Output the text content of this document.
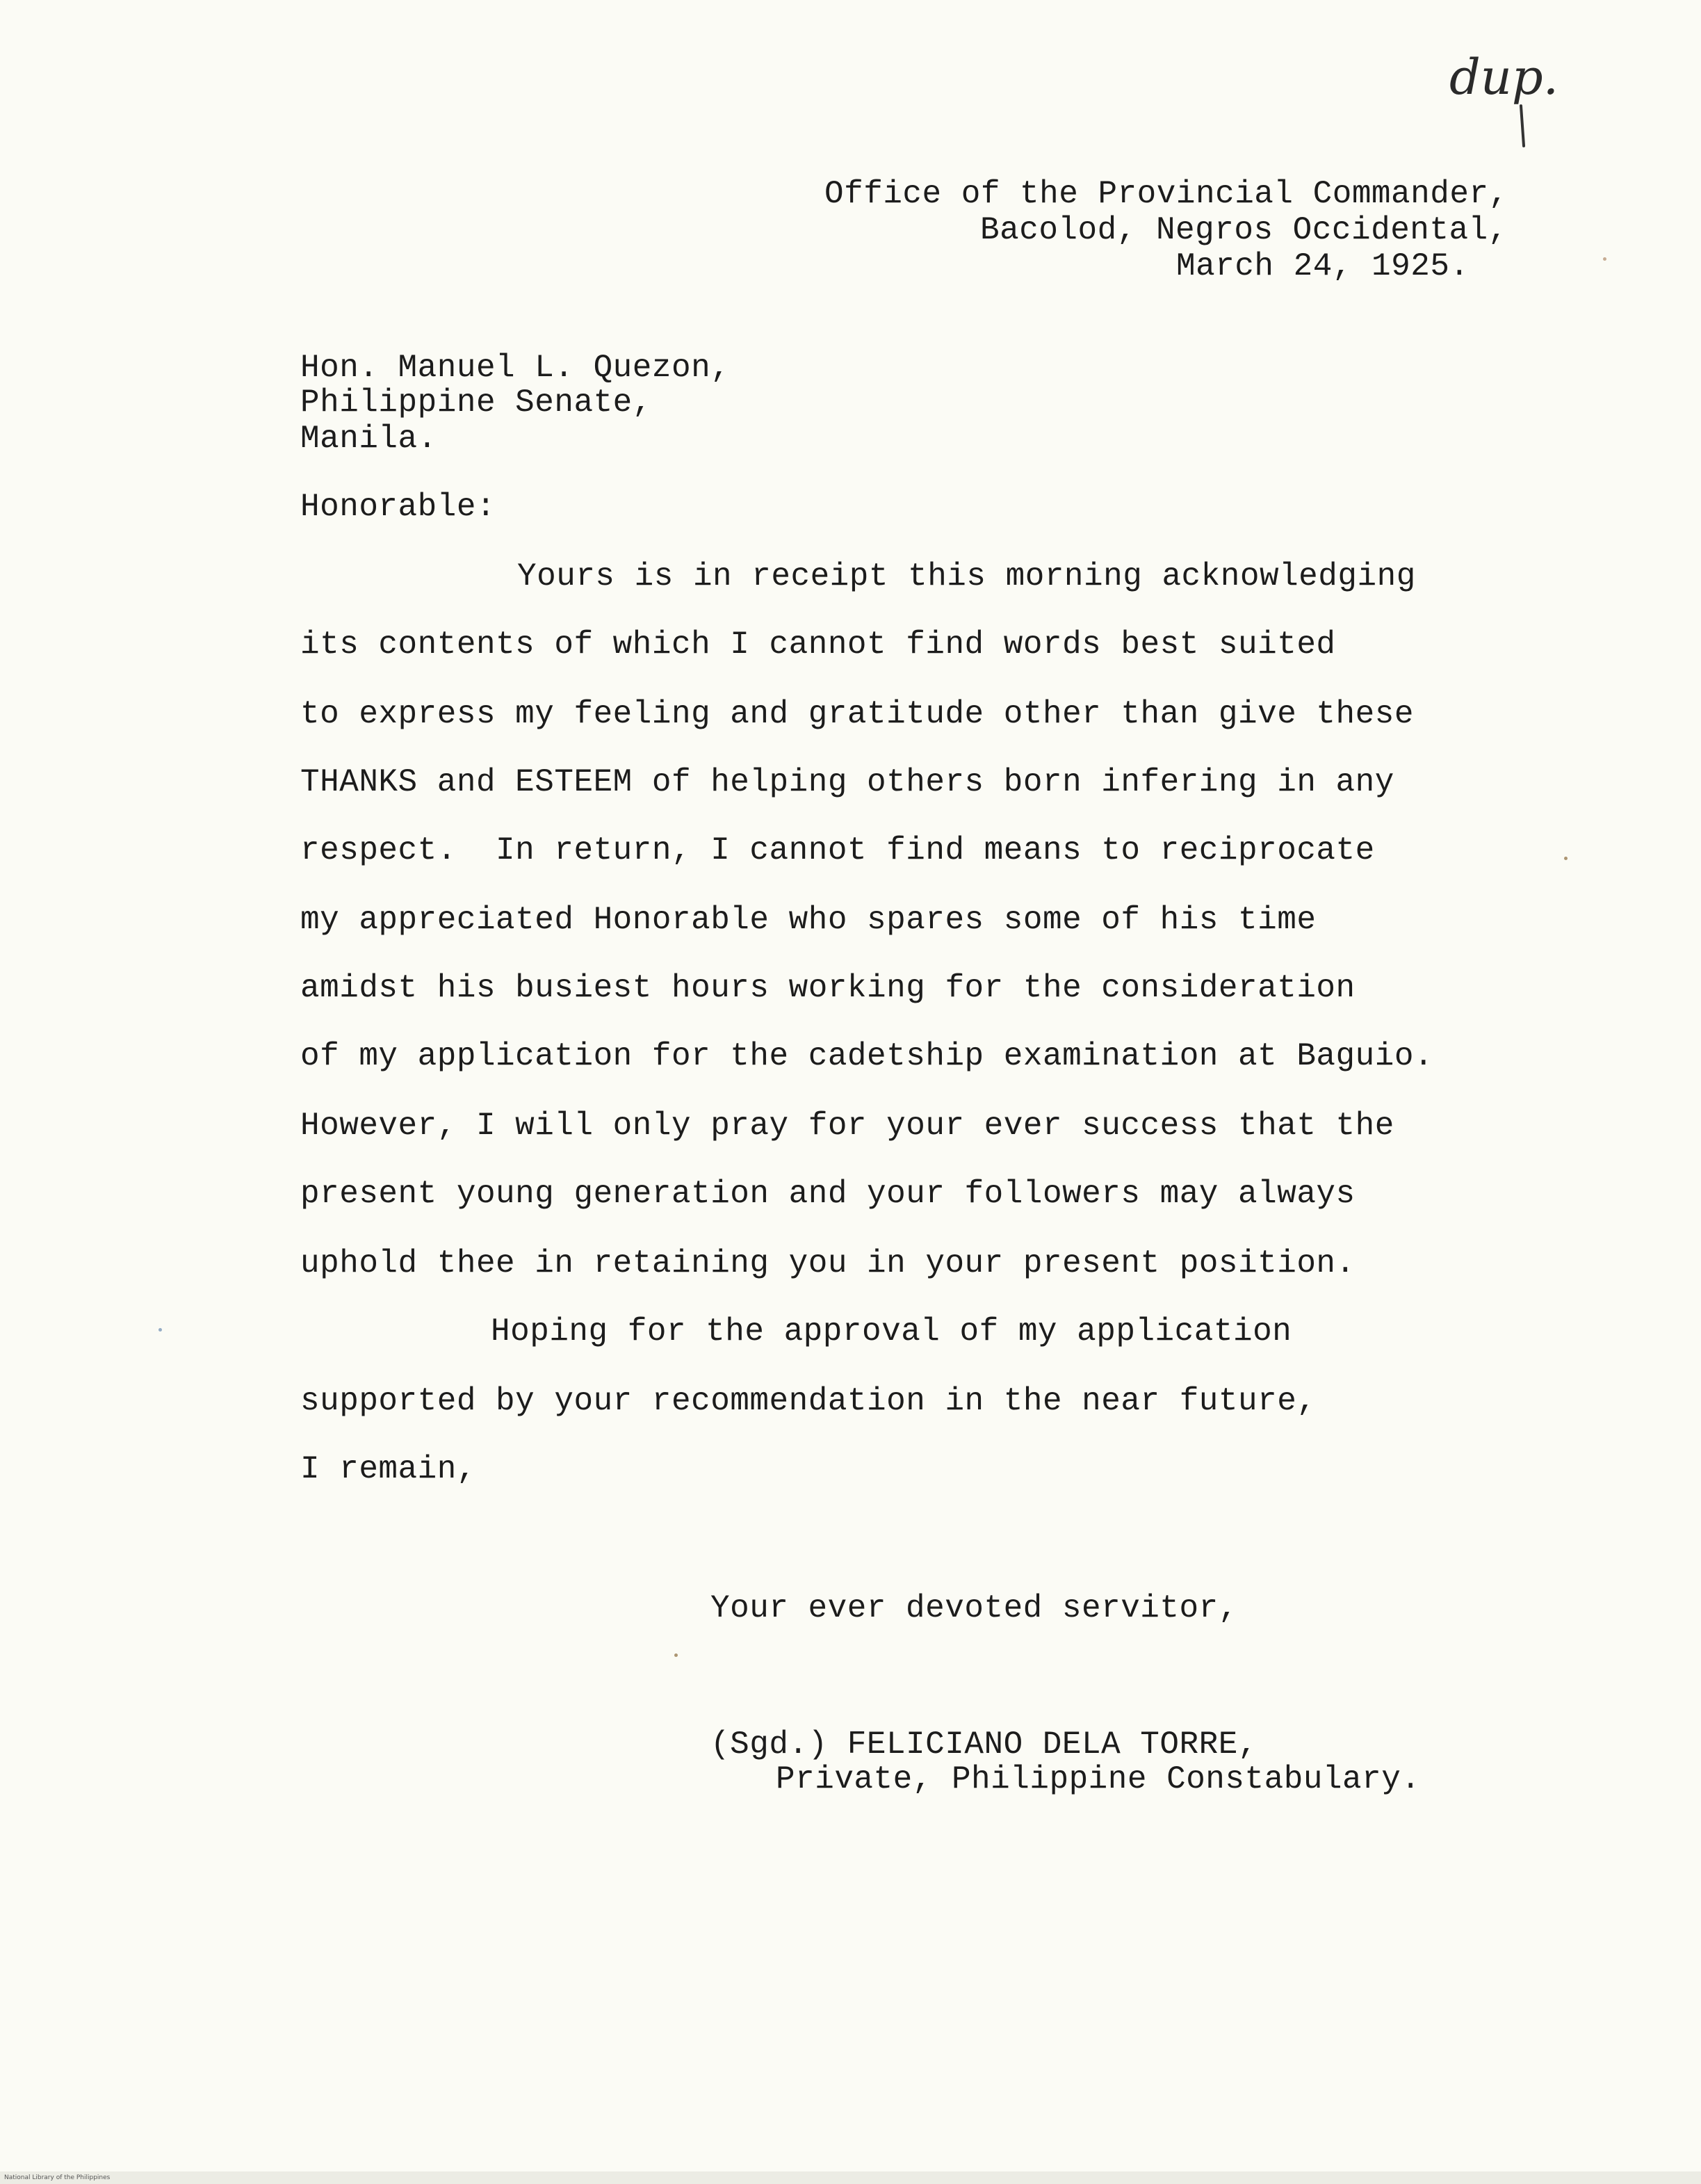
dup.
Office of the Provincial Commander,
Bacolod, Negros Occidental,
March 24, 1925.
Hon. Manuel L. Quezon,
Philippine Senate,
Manila.
Honorable:
Yours is in receipt this morning acknowledging
its contents of which I cannot find words best suited
to express my feeling and gratitude other than give these
THANKS and ESTEEM of helping others born infering in any
respect.  In return, I cannot find means to reciprocate
my appreciated Honorable who spares some of his time
amidst his busiest hours working for the consideration
of my application for the cadetship examination at Baguio.
However, I will only pray for your ever success that the
present young generation and your followers may always
uphold thee in retaining you in your present position.
Hoping for the approval of my application
supported by your recommendation in the near future,
I remain,
Your ever devoted servitor,
(Sgd.) FELICIANO DELA TORRE,
Private, Philippine Constabulary.
National Library of the Philippines
